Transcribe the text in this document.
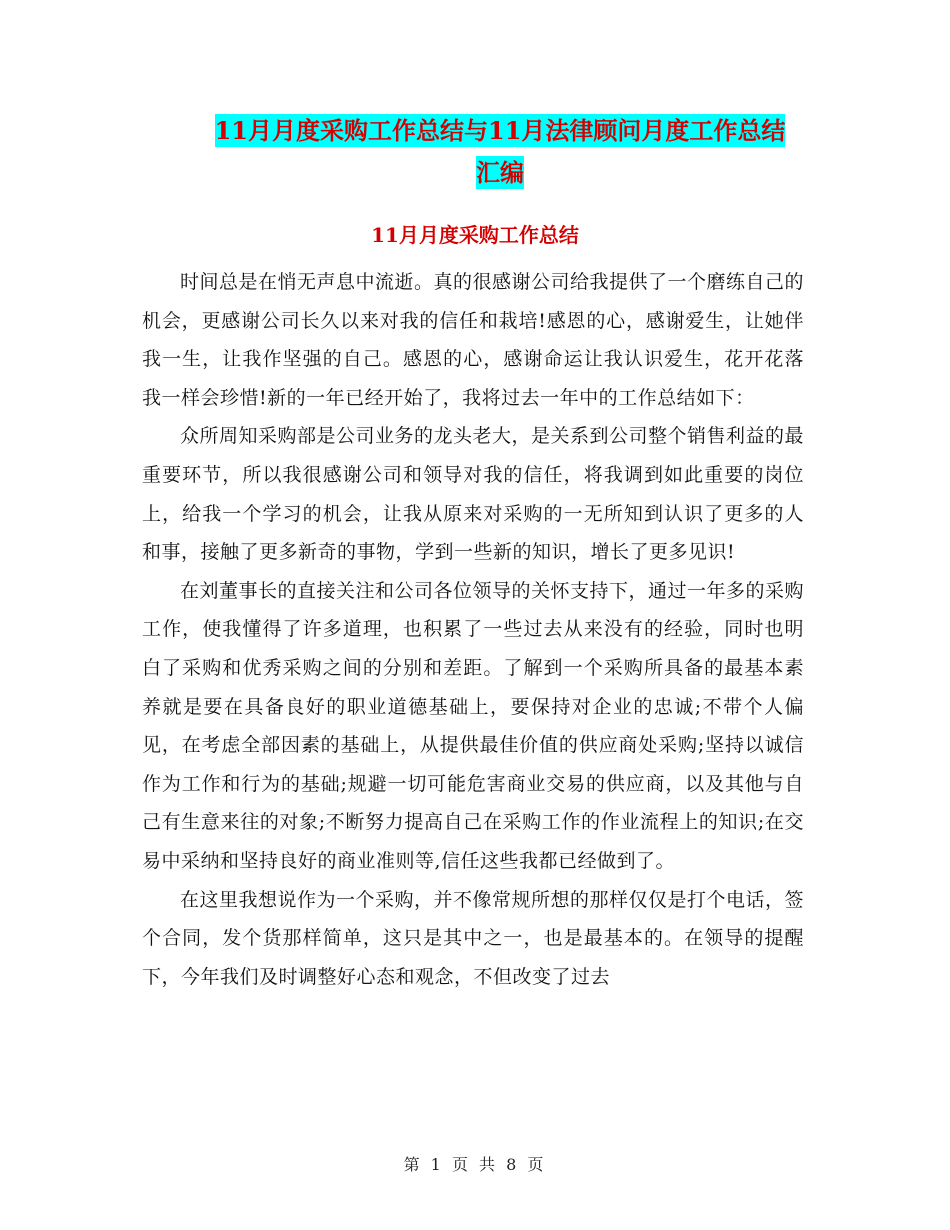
11月月度采购工作总结与11月法律顾问月度工作总结
汇编
11月月度采购工作总结

时间总是在悄无声息中流逝。真的很感谢公司给我提供了一个磨练自己的机会，更感谢公司长久以来对我的信任和栽培!感恩的心，感谢爱生，让她伴我一生，让我作坚强的自己。感恩的心，感谢命运让我认识爱生，花开花落我一样会珍惜!新的一年已经开始了，我将过去一年中的工作总结如下：

众所周知采购部是公司业务的龙头老大，是关系到公司整个销售利益的最重要环节，所以我很感谢公司和领导对我的信任，将我调到如此重要的岗位上，给我一个学习的机会，让我从原来对采购的一无所知到认识了更多的人和事，接触了更多新奇的事物，学到一些新的知识，增长了更多见识!

在刘董事长的直接关注和公司各位领导的关怀支持下，通过一年多的采购工作，使我懂得了许多道理，也积累了一些过去从来没有的经验，同时也明白了采购和优秀采购之间的分别和差距。了解到一个采购所具备的最基本素养就是要在具备良好的职业道德基础上，要保持对企业的忠诚;不带个人偏见，在考虑全部因素的基础上，从提供最佳价值的供应商处采购;坚持以诚信作为工作和行为的基础;规避一切可能危害商业交易的供应商，以及其他与自己有生意来往的对象;不断努力提高自己在采购工作的作业流程上的知识;在交易中采纳和坚持良好的商业准则等,信任这些我都已经做到了。

在这里我想说作为一个采购，并不像常规所想的那样仅仅是打个电话，签个合同，发个货那样简单，这只是其中之一，也是最基本的。在领导的提醒下，今年我们及时调整好心态和观念，不但改变了过去

第 1 页 共 8 页
